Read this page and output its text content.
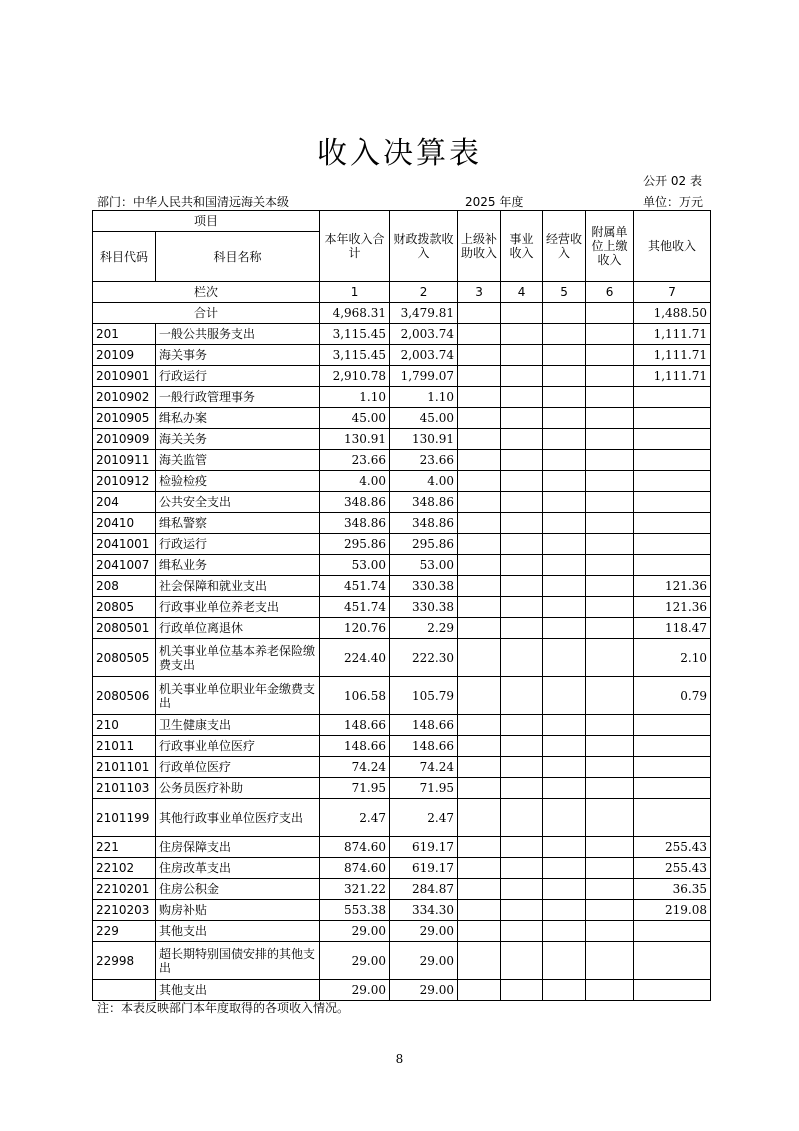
收入决算表
公开 02 表
部门：中华人民共和国清远海关本级	2025 年度	单位：万元
项目		本年收入合计	财政拨款收入	上级补助收入	事业收入	经营收入	附属单位上缴收入	其他收入
科目代码	科目名称							
栏次		1	2	3	4	5	6	7
合计		4,968.31	3,479.81					1,488.50
201	一般公共服务支出	3,115.45	2,003.74					1,111.71
20109	海关事务	3,115.45	2,003.74					1,111.71
2010901	行政运行	2,910.78	1,799.07					1,111.71
2010902	一般行政管理事务	1.10	1.10					
2010905	缉私办案	45.00	45.00					
2010909	海关关务	130.91	130.91					
2010911	海关监管	23.66	23.66					
2010912	检验检疫	4.00	4.00					
204	公共安全支出	348.86	348.86					
20410	缉私警察	348.86	348.86					
2041001	行政运行	295.86	295.86					
2041007	缉私业务	53.00	53.00					
208	社会保障和就业支出	451.74	330.38					121.36
20805	行政事业单位养老支出	451.74	330.38					121.36
2080501	行政单位离退休	120.76	2.29					118.47
2080505	机关事业单位基本养老保险缴费支出	224.40	222.30					2.10
2080506	机关事业单位职业年金缴费支出	106.58	105.79					0.79
210	卫生健康支出	148.66	148.66					
21011	行政事业单位医疗	148.66	148.66					
2101101	行政单位医疗	74.24	74.24					
2101103	公务员医疗补助	71.95	71.95					
2101199	其他行政事业单位医疗支出	2.47	2.47					
221	住房保障支出	874.60	619.17					255.43
22102	住房改革支出	874.60	619.17					255.43
2210201	住房公积金	321.22	284.87					36.35
2210203	购房补贴	553.38	334.30					219.08
229	其他支出	29.00	29.00					
22998	超长期特别国债安排的其他支出	29.00	29.00					
	其他支出	29.00	29.00					
注：本表反映部门本年度取得的各项收入情况。
8
